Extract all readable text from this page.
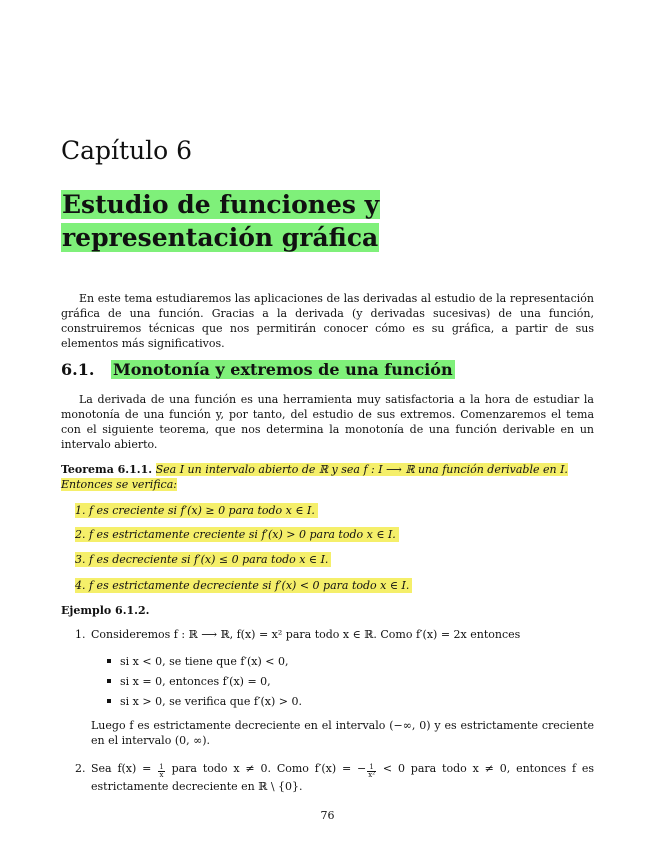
Capítulo 6
Estudio de funciones y representación gráfica

En este tema estudiaremos las aplicaciones de las derivadas al estudio de la representación gráfica de una función. Gracias a la derivada (y derivadas sucesivas) de una función, construiremos técnicas que nos permitirán conocer cómo es su gráfica, a partir de sus elementos más significativos.

6.1. Monotonía y extremos de una función

La derivada de una función es una herramienta muy satisfactoria a la hora de estudiar la monotonía de una función y, por tanto, del estudio de sus extremos. Comenzaremos el tema con el siguiente teorema, que nos determina la monotonía de una función derivable en un intervalo abierto.

Teorema 6.1.1. Sea I un intervalo abierto de ℝ y sea f : I ⟶ ℝ una función derivable en I. Entonces se verifica:
1. f es creciente si f′(x) ≥ 0 para todo x ∈ I.
2. f es estrictamente creciente si f′(x) > 0 para todo x ∈ I.
3. f es decreciente si f′(x) ≤ 0 para todo x ∈ I.
4. f es estrictamente decreciente si f′(x) < 0 para todo x ∈ I.
Ejemplo 6.1.2.
1. Consideremos f : ℝ ⟶ ℝ, f(x) = x² para todo x ∈ ℝ. Como f′(x) = 2x entonces
si x < 0, se tiene que f′(x) < 0,
si x = 0, entonces f′(x) = 0,
si x > 0, se verifica que f′(x) > 0.
Luego f es estrictamente decreciente en el intervalo (−∞, 0) y es estrictamente creciente en el intervalo (0, ∞).
2. Sea $f(x) = \frac{1}{x}$ para todo x ≠ 0. Como f′(x) = − $\frac{1}{\text{x²}} < 0$ para todo x ≠ 0, entonces f es estrictamente decreciente en ℝ \ {0}.
76
